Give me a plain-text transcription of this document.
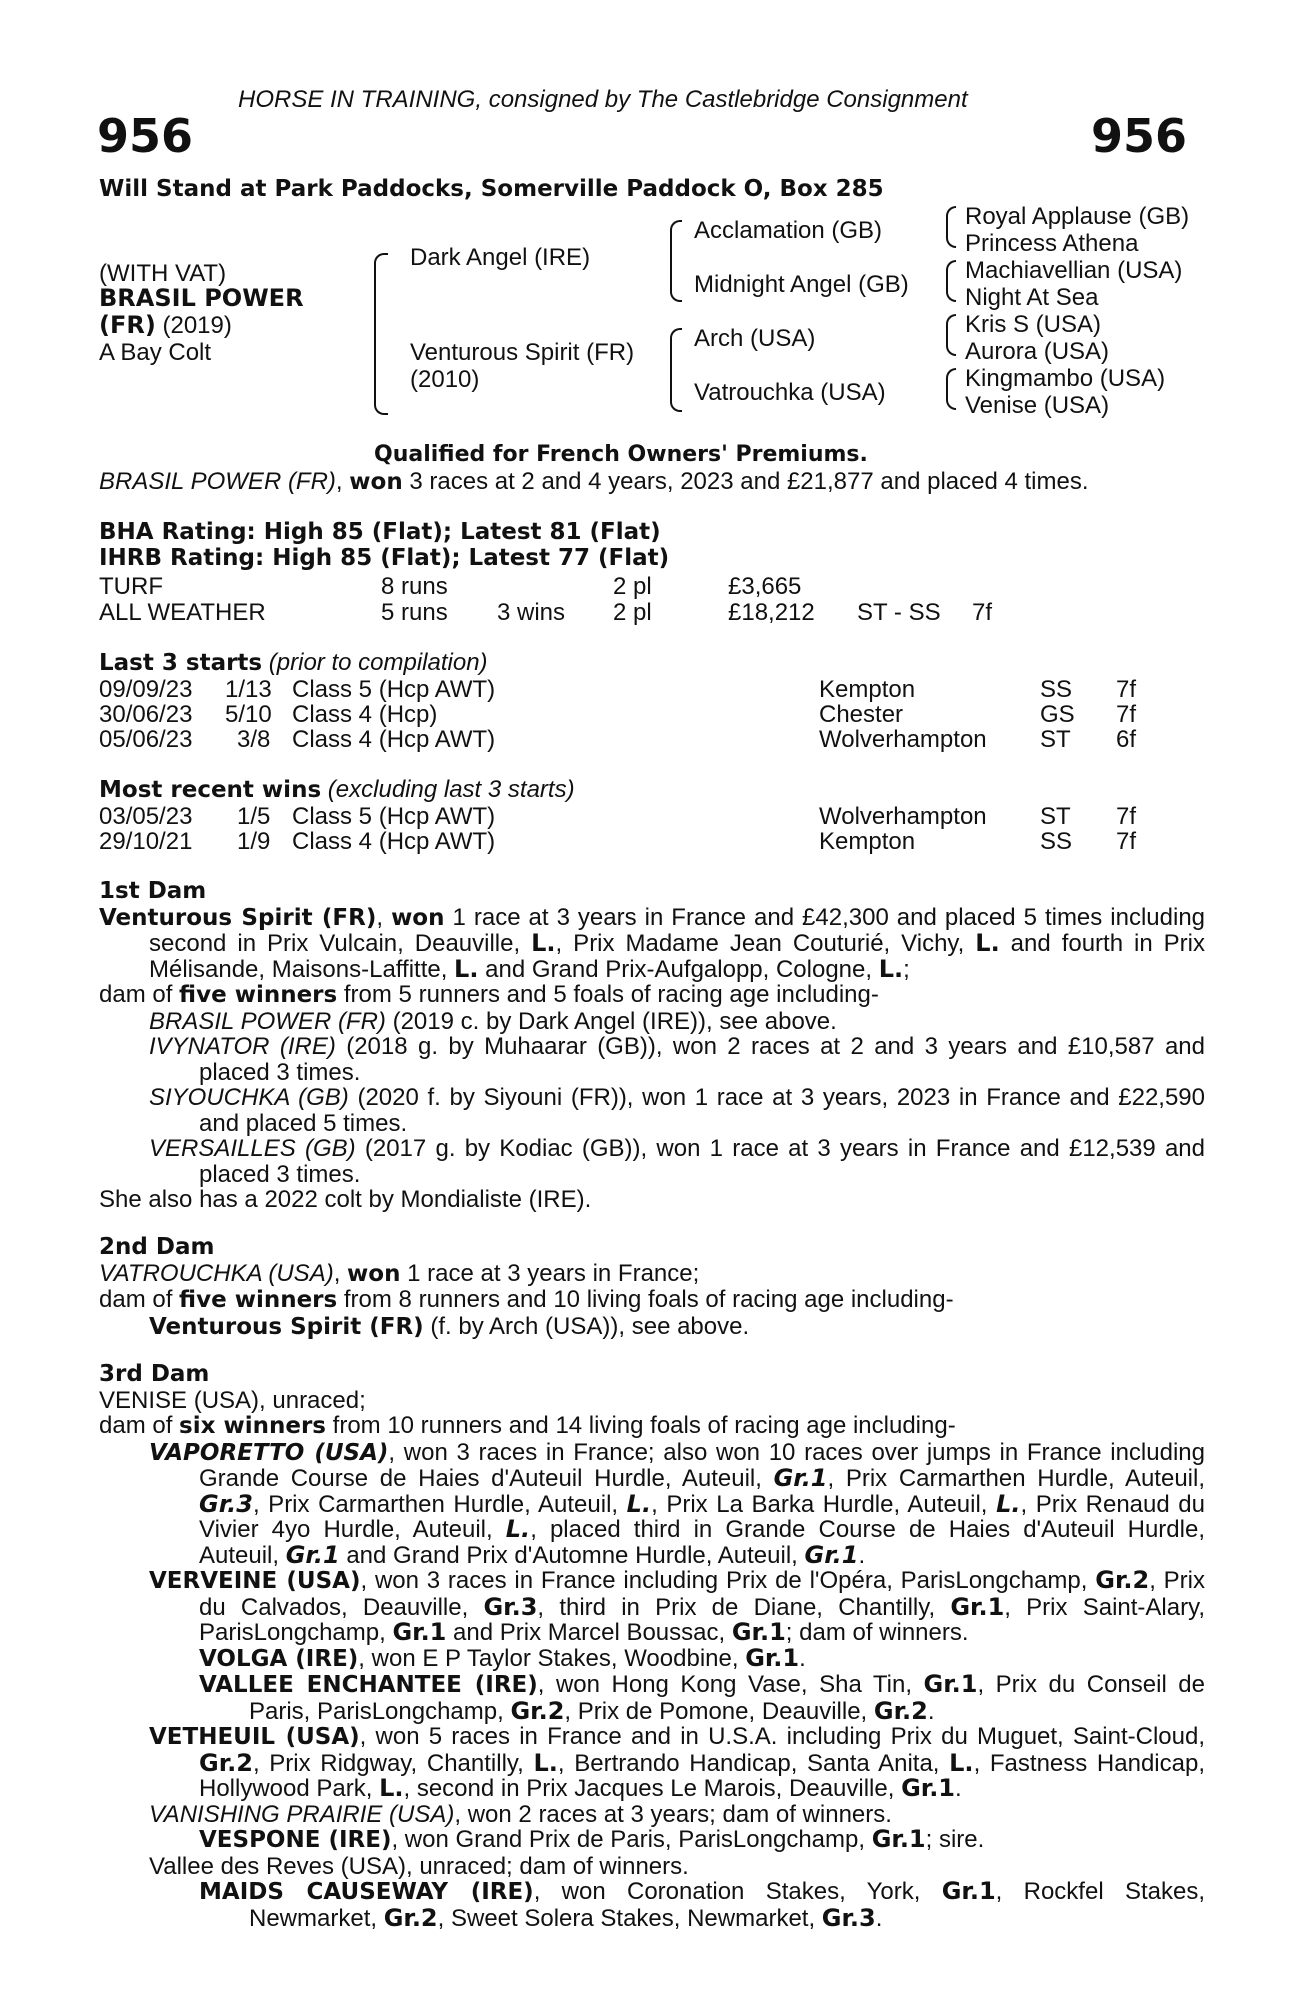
HORSE IN TRAINING, consigned by The Castlebridge Consignment
956	956
Will Stand at Park Paddocks, Somerville Paddock O, Box 285
(WITH VAT)
BRASIL POWER
(FR) (2019)
A Bay Colt
Dark Angel (IRE)
Venturous Spirit (FR)
(2010)
Acclamation (GB)
Midnight Angel (GB)
Arch (USA)
Vatrouchka (USA)
Royal Applause (GB)
Princess Athena
Machiavellian (USA)
Night At Sea
Kris S (USA)
Aurora (USA)
Kingmambo (USA)
Venise (USA)
Qualified for French Owners' Premiums.
BRASIL POWER (FR), won 3 races at 2 and 4 years, 2023 and £21,877 and placed 4 times.
BHA Rating: High 85 (Flat); Latest 81 (Flat)
IHRB Rating: High 85 (Flat); Latest 77 (Flat)
TURF	8 runs	2 pl	£3,665
ALL WEATHER	5 runs 3 wins 2 pl	£18,212 ST - SS 7f
Last 3 starts (prior to compilation)
09/09/23 1/13 Class 5 (Hcp AWT)	Kempton	SS 7f
30/06/23 5/10 Class 4 (Hcp)	Chester	GS 7f
05/06/23 3/8 Class 4 (Hcp AWT)	Wolverhampton ST 6f
Most recent wins (excluding last 3 starts)
03/05/23 1/5 Class 5 (Hcp AWT)	Wolverhampton ST 7f
29/10/21 1/9 Class 4 (Hcp AWT)	Kempton	SS 7f
1st Dam
Venturous Spirit (FR), won 1 race at 3 years in France and £42,300 and placed 5 times including second in Prix Vulcain, Deauville, L., Prix Madame Jean Couturié, Vichy, L. and fourth in Prix Mélisande, Maisons-Laffitte, L. and Grand Prix-Aufgalopp, Cologne, L.;
dam of five winners from 5 runners and 5 foals of racing age including-
BRASIL POWER (FR) (2019 c. by Dark Angel (IRE)), see above.
IVYNATOR (IRE) (2018 g. by Muhaarar (GB)), won 2 races at 2 and 3 years and £10,587 and placed 3 times.
SIYOUCHKA (GB) (2020 f. by Siyouni (FR)), won 1 race at 3 years, 2023 in France and £22,590 and placed 5 times.
VERSAILLES (GB) (2017 g. by Kodiac (GB)), won 1 race at 3 years in France and £12,539 and placed 3 times.
She also has a 2022 colt by Mondialiste (IRE).
2nd Dam
VATROUCHKA (USA), won 1 race at 3 years in France;
dam of five winners from 8 runners and 10 living foals of racing age including-
Venturous Spirit (FR) (f. by Arch (USA)), see above.
3rd Dam
VENISE (USA), unraced;
dam of six winners from 10 runners and 14 living foals of racing age including-
VAPORETTO (USA), won 3 races in France; also won 10 races over jumps in France including Grande Course de Haies d'Auteuil Hurdle, Auteuil, Gr.1, Prix Carmarthen Hurdle, Auteuil, Gr.3, Prix Carmarthen Hurdle, Auteuil, L., Prix La Barka Hurdle, Auteuil, L., Prix Renaud du Vivier 4yo Hurdle, Auteuil, L., placed third in Grande Course de Haies d'Auteuil Hurdle, Auteuil, Gr.1 and Grand Prix d'Automne Hurdle, Auteuil, Gr.1.
VERVEINE (USA), won 3 races in France including Prix de l'Opéra, ParisLongchamp, Gr.2, Prix du Calvados, Deauville, Gr.3, third in Prix de Diane, Chantilly, Gr.1, Prix Saint-Alary, ParisLongchamp, Gr.1 and Prix Marcel Boussac, Gr.1; dam of winners.
VOLGA (IRE), won E P Taylor Stakes, Woodbine, Gr.1.
VALLEE ENCHANTEE (IRE), won Hong Kong Vase, Sha Tin, Gr.1, Prix du Conseil de Paris, ParisLongchamp, Gr.2, Prix de Pomone, Deauville, Gr.2.
VETHEUIL (USA), won 5 races in France and in U.S.A. including Prix du Muguet, Saint-Cloud, Gr.2, Prix Ridgway, Chantilly, L., Bertrando Handicap, Santa Anita, L., Fastness Handicap, Hollywood Park, L., second in Prix Jacques Le Marois, Deauville, Gr.1.
VANISHING PRAIRIE (USA), won 2 races at 3 years; dam of winners.
VESPONE (IRE), won Grand Prix de Paris, ParisLongchamp, Gr.1; sire.
Vallee des Reves (USA), unraced; dam of winners.
MAIDS CAUSEWAY (IRE), won Coronation Stakes, York, Gr.1, Rockfel Stakes, Newmarket, Gr.2, Sweet Solera Stakes, Newmarket, Gr.3.
